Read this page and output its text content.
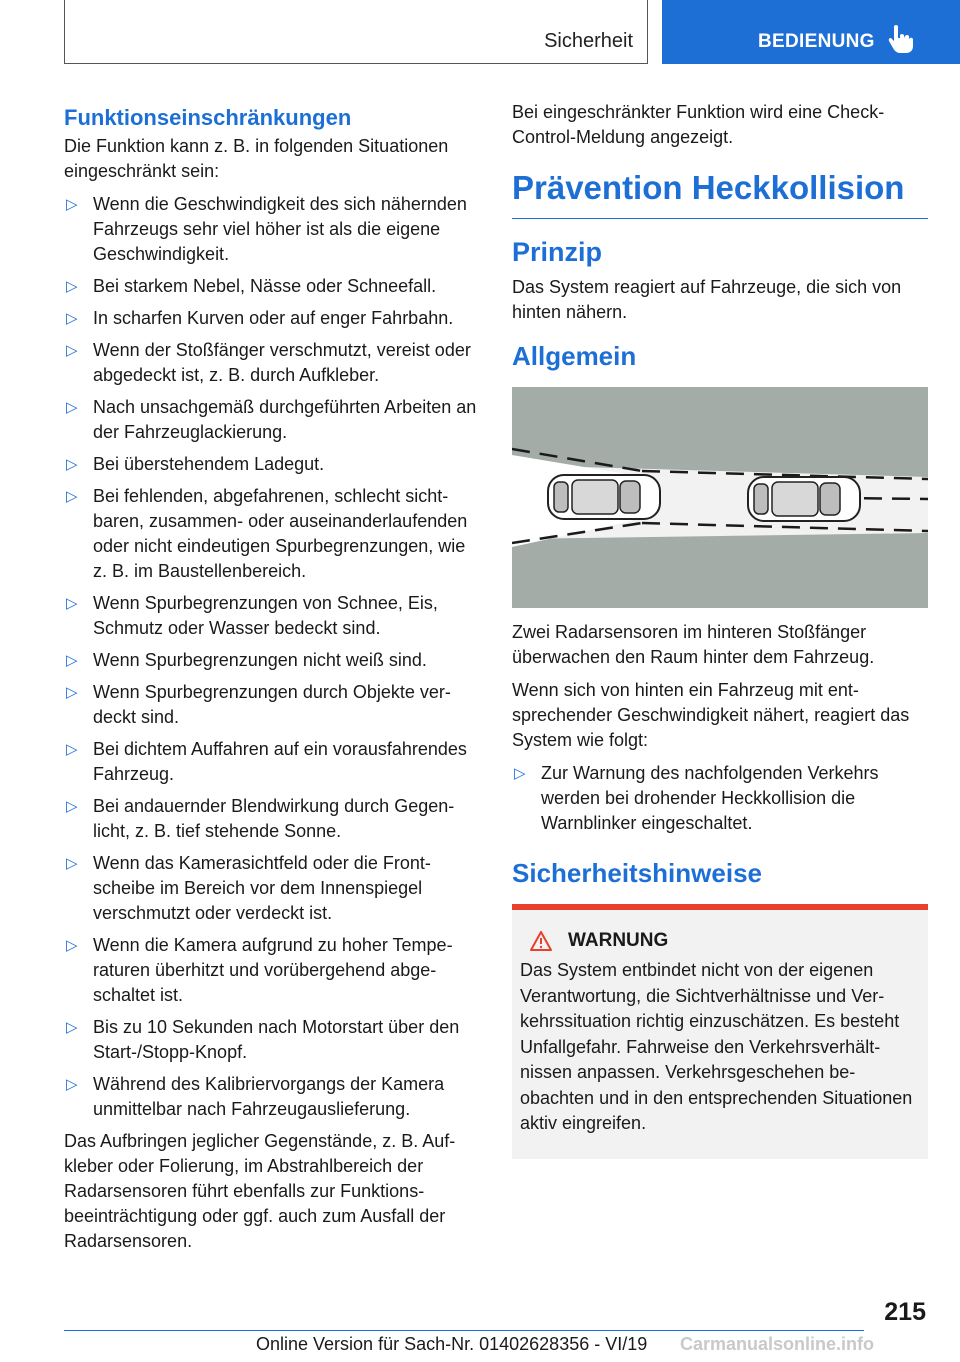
Sicherheit	BEDIENUNG
Funktionseinschränkungen

Die Funktion kann z. B. in folgenden Situationen eingeschränkt sein:

▷ Wenn die Geschwindigkeit des sich nähernden Fahrzeugs sehr viel höher ist als die eigene Geschwindigkeit.
▷ Bei starkem Nebel, Nässe oder Schneefall.
▷ In scharfen Kurven oder auf enger Fahrbahn.
▷ Wenn der Stoßfänger verschmutzt, vereist oder abgedeckt ist, z. B. durch Aufkleber.
▷ Nach unsachgemäß durchgeführten Arbeiten an der Fahrzeuglackierung.
▷ Bei überstehendem Ladegut.
▷ Bei fehlenden, abgefahrenen, schlecht sichtbaren, zusammen- oder auseinanderlaufenden oder nicht eindeutigen Spurbegrenzungen, wie z. B. im Baustellenbereich.
▷ Wenn Spurbegrenzungen von Schnee, Eis, Schmutz oder Wasser bedeckt sind.
▷ Wenn Spurbegrenzungen nicht weiß sind.
▷ Wenn Spurbegrenzungen durch Objekte verdeckt sind.
▷ Bei dichtem Auffahren auf ein vorausfahrendes Fahrzeug.
▷ Bei andauernder Blendwirkung durch Gegenlicht, z. B. tief stehende Sonne.
▷ Wenn das Kamerasichtfeld oder die Frontscheibe im Bereich vor dem Innenspiegel verschmutzt oder verdeckt ist.
▷ Wenn die Kamera aufgrund zu hoher Temperaturen überhitzt und vorübergehend abgeschaltet ist.
▷ Bis zu 10 Sekunden nach Motorstart über den Start-/Stopp-Knopf.
▷ Während des Kalibriervorgangs der Kamera unmittelbar nach Fahrzeugauslieferung.

Das Aufbringen jeglicher Gegenstände, z. B. Aufkleber oder Folierung, im Abstrahlbereich der Radarsensoren führt ebenfalls zur Funktionsbeeinträchtigung oder ggf. auch zum Ausfall der Radarsensoren.

Bei eingeschränkter Funktion wird eine Check-Control-Meldung angezeigt.

Prävention Heckkollision
Prinzip

Das System reagiert auf Fahrzeuge, die sich von hinten nähern.

Allgemein

Zwei Radarsensoren im hinteren Stoßfänger überwachen den Raum hinter dem Fahrzeug.

Wenn sich von hinten ein Fahrzeug mit entsprechender Geschwindigkeit nähert, reagiert das System wie folgt:

▷ Zur Warnung des nachfolgenden Verkehrs werden bei drohender Heckkollision die Warnblinker eingeschaltet.
Sicherheitshinweise
WARNUNG

Das System entbindet nicht von der eigenen Verantwortung, die Sichtverhältnisse und Verkehrssituation richtig einzuschätzen. Es besteht Unfallgefahr. Fahrweise den Verkehrsverhältnissen anpassen. Verkehrsgeschehen beobachten und in den entsprechenden Situationen aktiv eingreifen.

215
Online Version für Sach-Nr. 01402628356 - VI/19 Carmanualsonline.info
